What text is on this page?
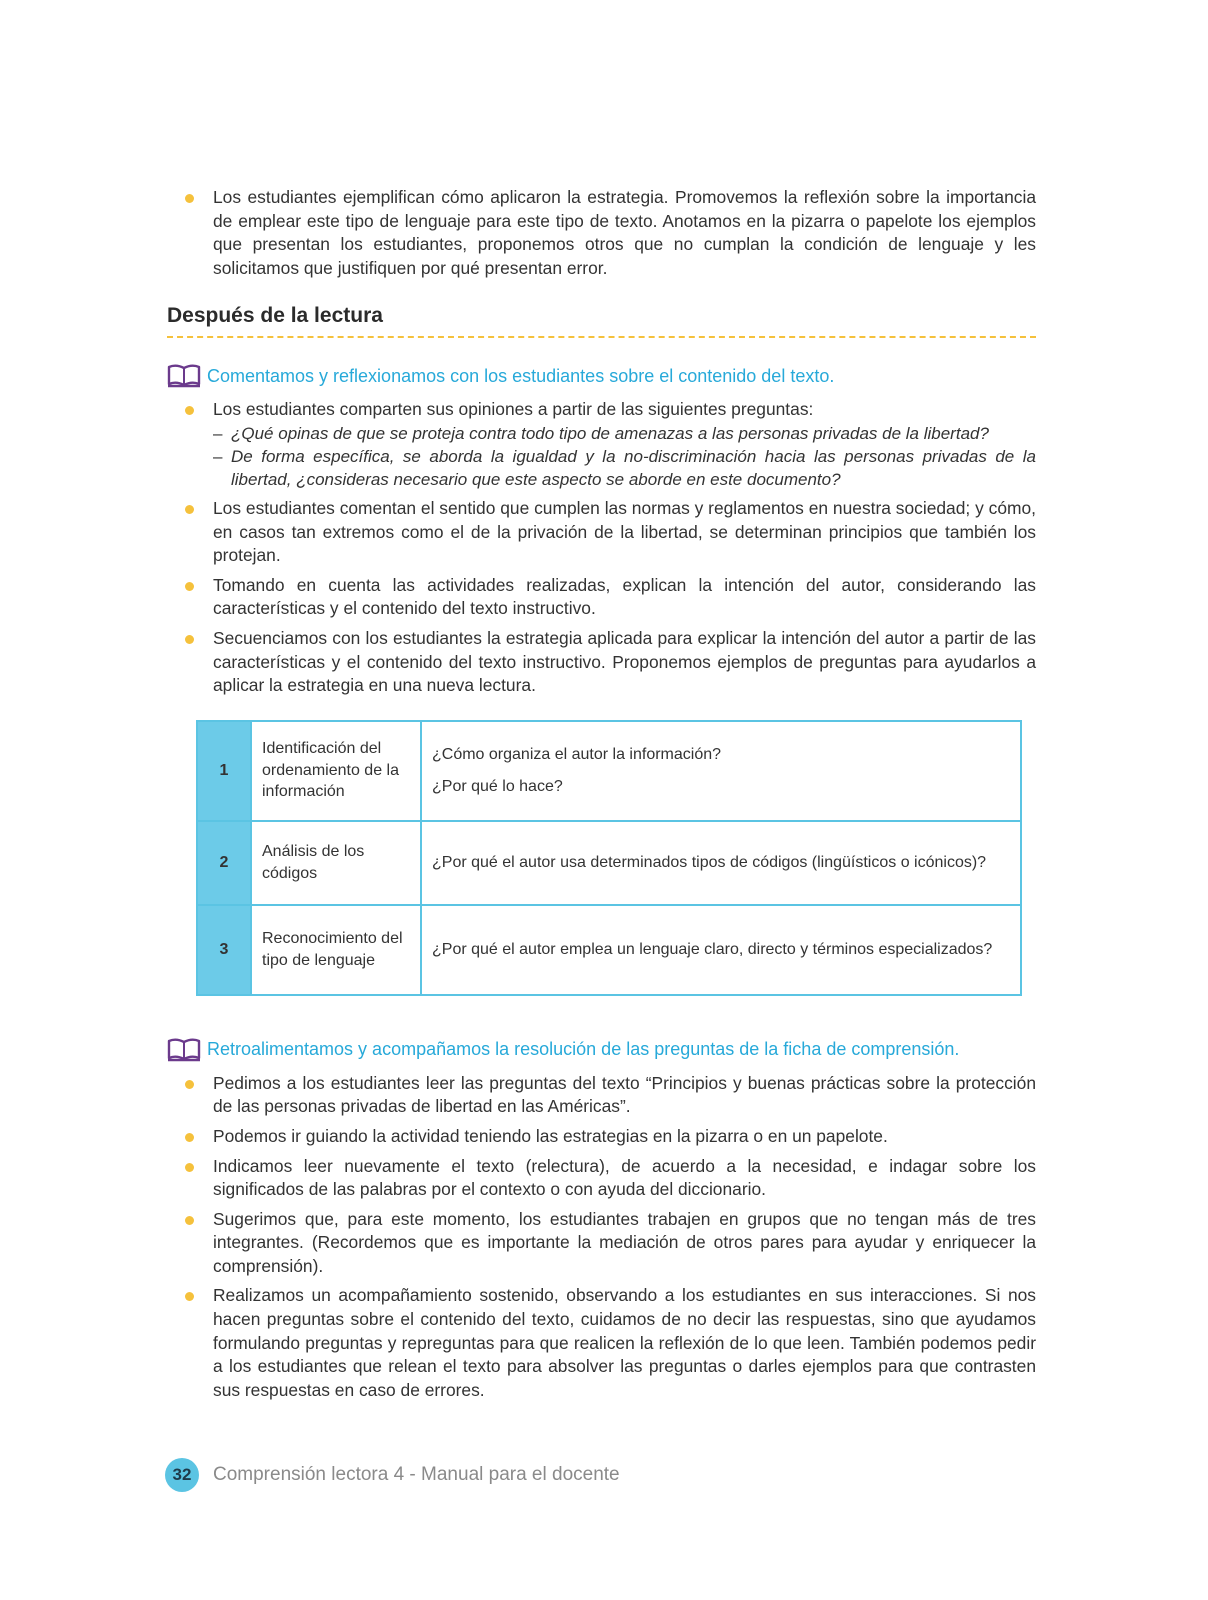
Los estudiantes ejemplifican cómo aplicaron la estrategia. Promovemos la reflexión sobre la importancia de emplear este tipo de lenguaje para este tipo de texto. Anotamos en la pizarra o papelote los ejemplos que presentan los estudiantes, proponemos otros que no cumplan la condición de lenguaje y les solicitamos que justifiquen por qué presentan error.
Después de la lectura
Comentamos y reflexionamos con los estudiantes sobre el contenido del texto.
Los estudiantes comparten sus opiniones a partir de las siguientes preguntas:
– ¿Qué opinas de que se proteja contra todo tipo de amenazas a las personas privadas de la libertad?
– De forma específica, se aborda la igualdad y la no-discriminación hacia las personas privadas de la libertad, ¿consideras necesario que este aspecto se aborde en este documento?
Los estudiantes comentan el sentido que cumplen las normas y reglamentos en nuestra sociedad; y cómo, en casos tan extremos como el de la privación de la libertad, se determinan principios que también los protejan.
Tomando en cuenta las actividades realizadas, explican la intención del autor, considerando las características y el contenido del texto instructivo.
Secuenciamos con los estudiantes la estrategia aplicada para explicar la intención del autor a partir de las características y el contenido del texto instructivo. Proponemos ejemplos de preguntas para ayudarlos a aplicar la estrategia en una nueva lectura.
1	Identificación del ordenamiento de la información	¿Cómo organiza el autor la información?

¿Por qué lo hace?

2	Análisis de los códigos	¿Por qué el autor usa determinados tipos de códigos (lingüísticos o icónicos)?

3	Reconocimiento del tipo de lenguaje	¿Por qué el autor emplea un lenguaje claro, directo y términos especializados?

Retroalimentamos y acompañamos la resolución de las preguntas de la ficha de comprensión.
Pedimos a los estudiantes leer las preguntas del texto “Principios y buenas prácticas sobre la protección de las personas privadas de libertad en las Américas”.
Podemos ir guiando la actividad teniendo las estrategias en la pizarra o en un papelote.
Indicamos leer nuevamente el texto (relectura), de acuerdo a la necesidad, e indagar sobre los significados de las palabras por el contexto o con ayuda del diccionario.
Sugerimos que, para este momento, los estudiantes trabajen en grupos que no tengan más de tres integrantes. (Recordemos que es importante la mediación de otros pares para ayudar y enriquecer la comprensión).
Realizamos un acompañamiento sostenido, observando a los estudiantes en sus interacciones. Si nos hacen preguntas sobre el contenido del texto, cuidamos de no decir las respuestas, sino que ayudamos formulando preguntas y repreguntas para que realicen la reflexión de lo que leen. También podemos pedir a los estudiantes que relean el texto para absolver las preguntas o darles ejemplos para que contrasten sus respuestas en caso de errores.
32	Comprensión lectora 4 - Manual para el docente
